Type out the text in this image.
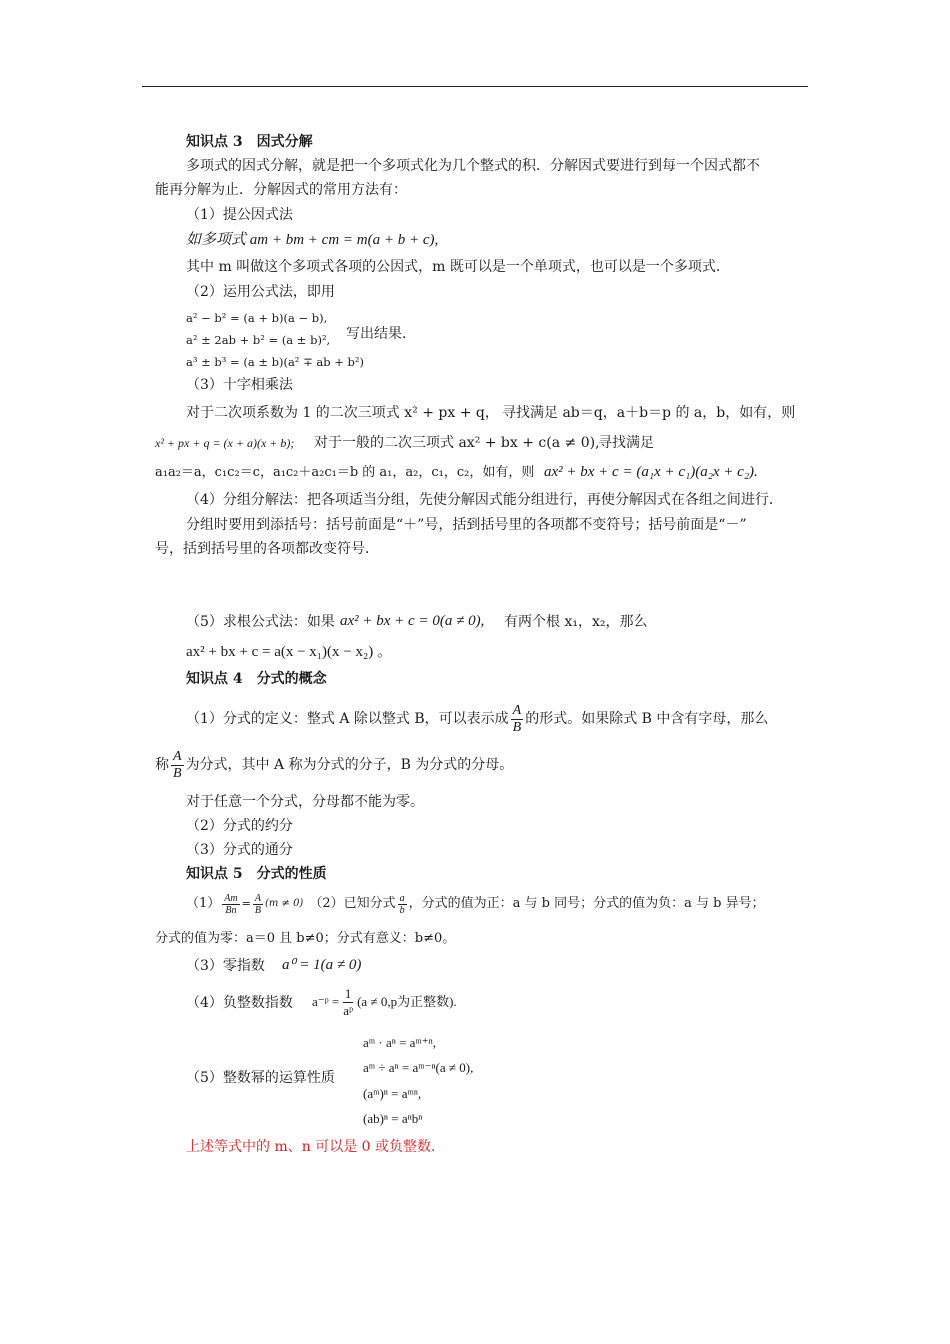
知识点 3　因式分解
多项式的因式分解，就是把一个多项式化为几个整式的积．分解因式要进行到每一个因式都不
能再分解为止．分解因式的常用方法有：
（1）提公因式法
如多项式 am + bm + cm = m(a + b + c),
其中 m 叫做这个多项式各项的公因式，m 既可以是一个单项式，也可以是一个多项式．
（2）运用公式法，即用
a² − b² = (a + b)(a − b),
a² ± 2ab + b² = (a ± b)²,
a³ ± b³ = (a ± b)(a² ∓ ab + b²)
写出结果．
（3）十字相乘法
对于二次项系数为 1 的二次三项式 x² + px + q， 寻找满足 ab＝q，a＋b＝p 的 a，b，如有，则
x² + px + q = (x + a)(x + b); 对于一般的二次三项式 ax² + bx + c(a ≠ 0),
寻找满足
a₁a₂＝a，c₁c₂＝c，a₁c₂＋a₂c₁＝b 的 a₁，a₂，c₁，c₂，如有，则 ax² + bx + c = (a₁x + c₁)(a₂x + c₂).
（4）分组分解法：把各项适当分组，先使分解因式能分组进行，再使分解因式在各组之间进行．
分组时要用到添括号：括号前面是“＋”号，括到括号里的各项都不变符号；括号前面是“－”
号，括到括号里的各项都改变符号．
（5）求根公式法：如果 ax² + bx + c = 0(a ≠ 0), 有两个根 x₁，x₂，那么
ax² + bx + c = a(x − x₁)(x − x₂) 。
知识点 4　分式的概念
（1）分式的定义：整式 A 除以整式 B，可以表示成 $\frac{A}{B}$ 的形式。如果除式 B 中含有字母，那么
称 $\frac{A}{B}$ 为分式，其中 A 称为分式的分子，B 为分式的分母。
对于任意一个分式，分母都不能为零。
（2）分式的约分
（3）分式的通分
知识点 5　分式的性质
$(1) \frac{Am}{Bn} = \frac{A}{B} (m \ne 0)$ （2）已知分式 $\frac{a}{b}$ ，分式的值为正：a 与 b 同号；分式的值为负：a 与 b 异号；
分式的值为零：a＝0 且 b≠0；分式有意义：b≠0。
（3）零指数 a⁰ = 1(a ≠ 0)
（4）负整数指数 a⁻ᵖ = $\frac{1}{\text{aᵖ}} (a \ne 0,p$为正整数).
aᵐ · aⁿ = aᵐ⁺ⁿ,
aᵐ ÷ aⁿ = aᵐ⁻ⁿ(a ≠ 0),
（5）整数幂的运算性质
(aᵐ)ⁿ = aᵐⁿ,
(ab)ⁿ = aⁿbⁿ
上述等式中的 m、n 可以是 0 或负整数．
